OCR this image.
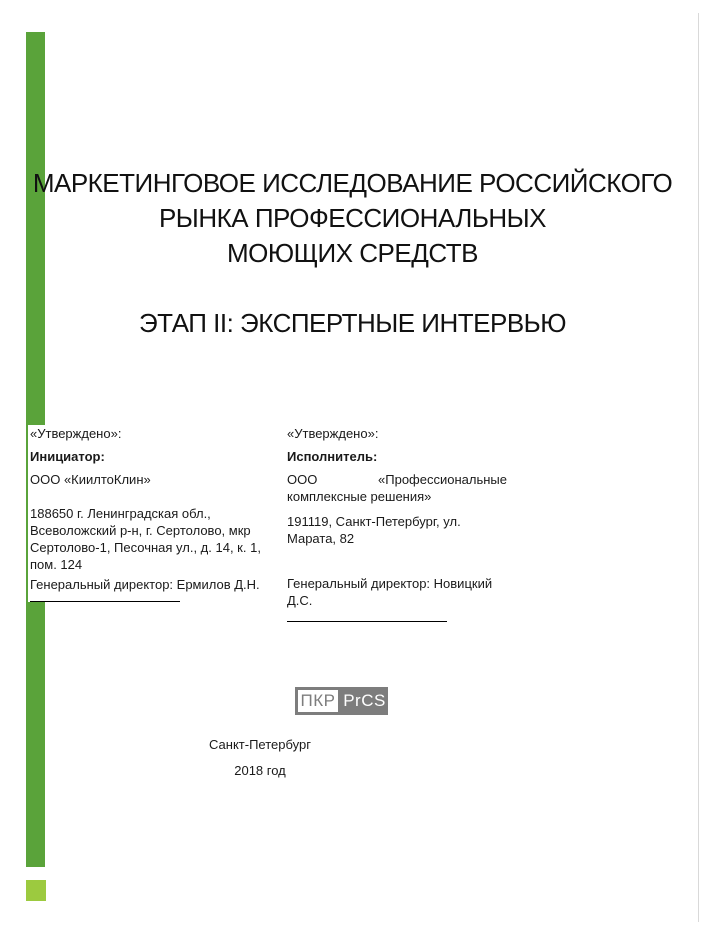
МАРКЕТИНГОВОЕ ИССЛЕДОВАНИЕ РОССИЙСКОГО
РЫНКА ПРОФЕССИОНАЛЬНЫХ
МОЮЩИХ СРЕДСТВ
ЭТАП II: ЭКСПЕРТНЫЕ ИНТЕРВЬЮ

«Утверждено»:

Инициатор:

ООО «КиилтоКлин»

188650 г. Ленинградская обл., Всеволожский р-н, г. Сертолово, мкр Сертолово-1, Песочная ул., д. 14, к. 1, пом. 124

Генеральный директор: Ермилов Д.Н.

«Утверждено»:

Исполнитель:

ООО «Профессиональные комплексные решения»

191119, Санкт-Петербург, ул. Марата, 82

Генеральный директор: Новицкий Д.С.

ПКР PrCS

Санкт-Петербург

2018 год
